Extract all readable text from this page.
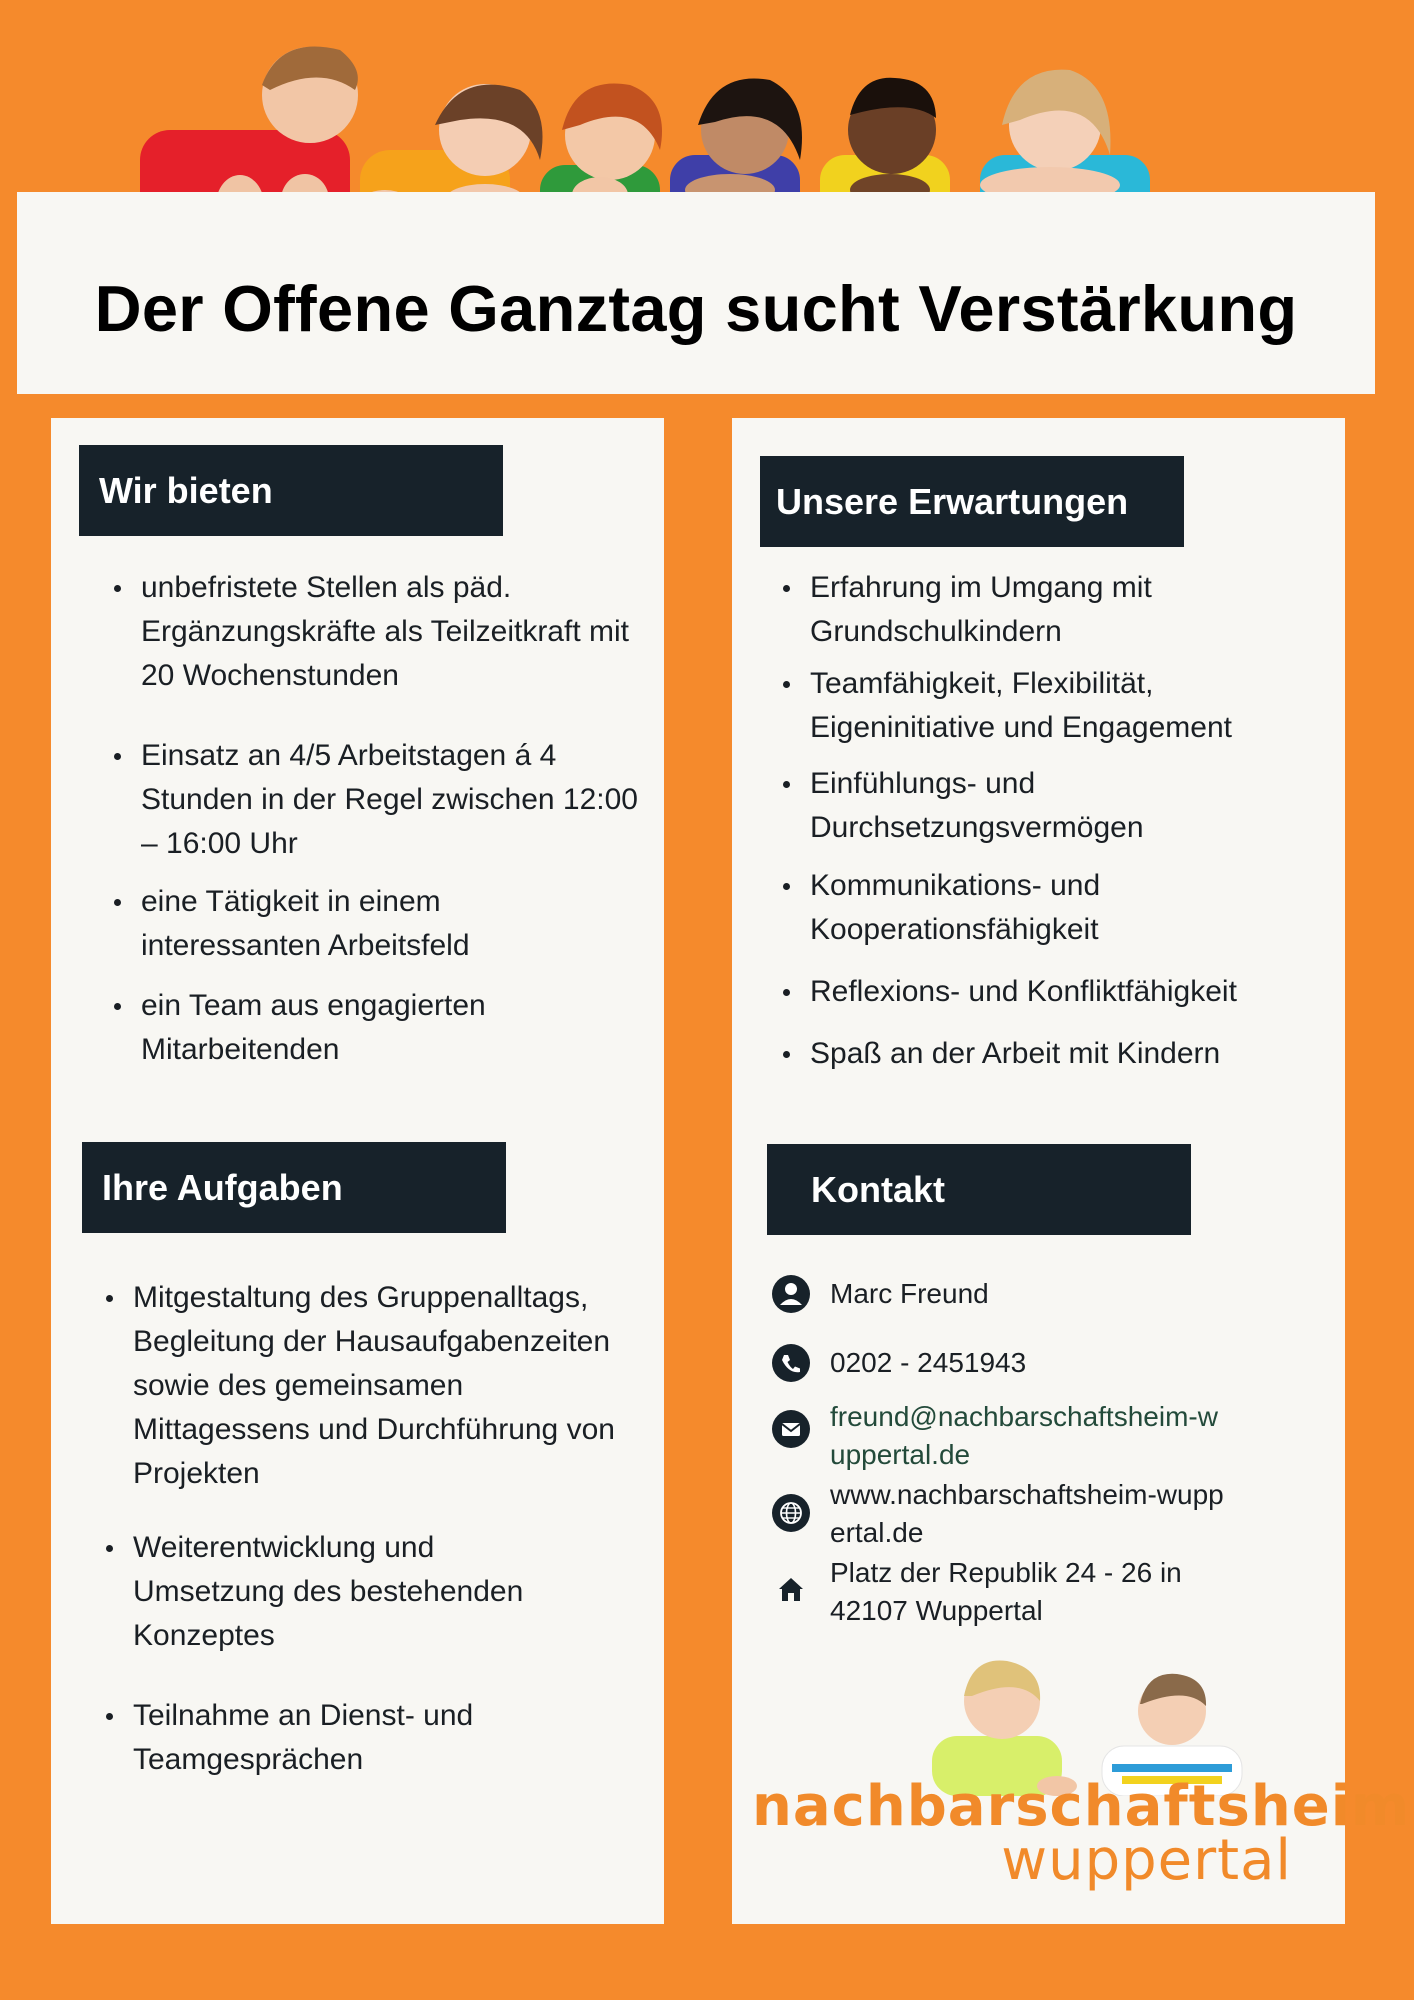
Der Offene Ganztag sucht Verstärkung
Wir bieten
unbefristete Stellen als päd. Ergänzungskräfte als Teilzeitkraft mit 20 Wochenstunden
Einsatz an 4/5 Arbeitstagen á 4 Stunden in der Regel zwischen 12:00 – 16:00 Uhr
eine Tätigkeit in einem interessanten Arbeitsfeld
ein Team aus engagierten Mitarbeitenden
Ihre Aufgaben
Mitgestaltung des Gruppenalltags, Begleitung der Hausaufgabenzeiten sowie des gemeinsamen Mittagessens und Durchführung von Projekten
Weiterentwicklung und Umsetzung des bestehenden Konzeptes
Teilnahme an Dienst- und Teamgesprächen
Unsere Erwartungen
Erfahrung im Umgang mit Grundschulkindern
Teamfähigkeit, Flexibilität, Eigeninitiative und Engagement
Einfühlungs- und Durchsetzungsvermögen
Kommunikations- und Kooperationsfähigkeit
Reflexions- und Konfliktfähigkeit
Spaß an der Arbeit mit Kindern
Kontakt
Marc Freund
0202 - 2451943
freund@nachbarschaftsheim-wuppertal.de
www.nachbarschaftsheim-wuppertal.de
Platz der Republik 24 - 26 in 42107 Wuppertal
nachbarschaftsheim
wuppertal
